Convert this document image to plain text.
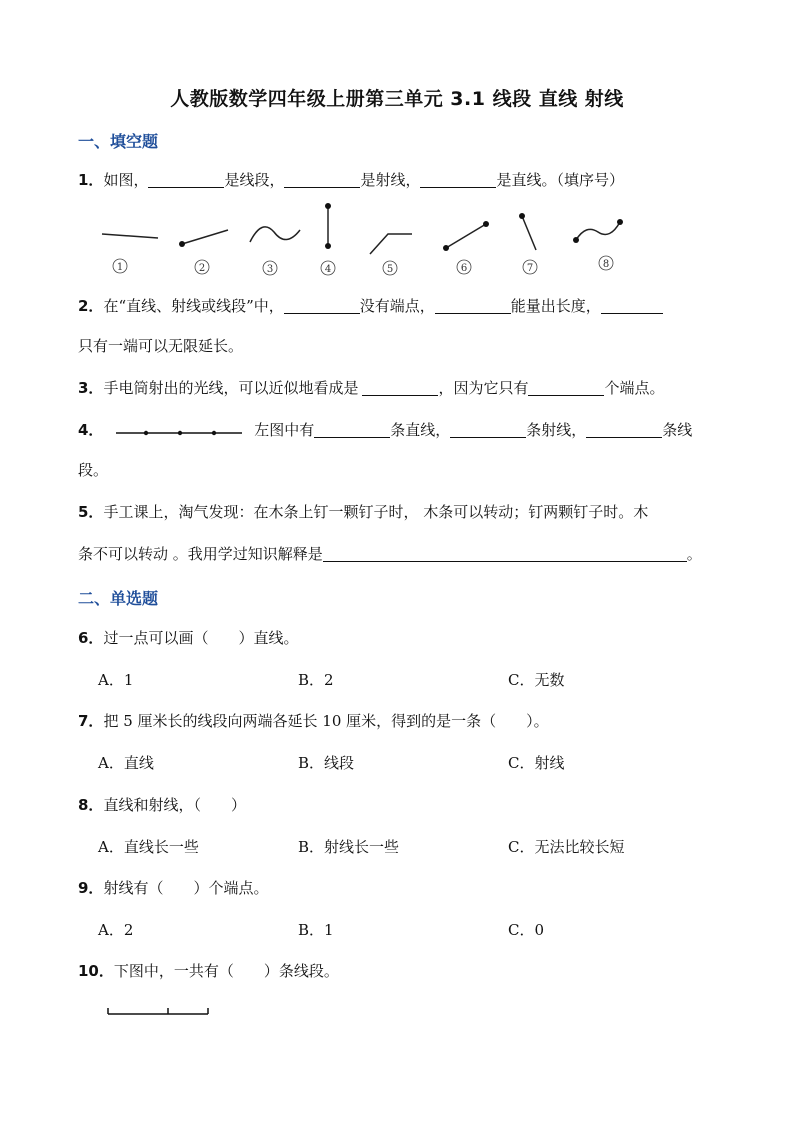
人教版数学四年级上册第三单元 3.1 线段 直线 射线
一、填空题
1．如图，	是线段，	是射线，	是直线。（填序号）
1	2	3	4	5	6	7	8
2．在“直线、射线或线段”中，	没有端点，	能量出长度，
只有一端可以无限延长。
3．手电筒射出的光线，可以近似地看成是	，因为它只有	个端点。
4．	左图中有	条直线，	条射线，	条线
段。
5．手工课上，淘气发现：在木条上钉一颗钉子时， 木条可以转动；钉两颗钉子时。木
条不可以转动 。我用学过知识解释是	。
二、单选题
6．过一点可以画（　　）直线。
A．1	B．2	C．无数
7．把 5 厘米长的线段向两端各延长 10 厘米，得到的是一条（　　）。
A．直线	B．线段	C．射线
8．直线和射线，（　　）
A．直线长一些	B．射线长一些	C．无法比较长短
9．射线有（　　）个端点。
A．2	B．1	C．0
10．下图中，一共有（　　）条线段。
